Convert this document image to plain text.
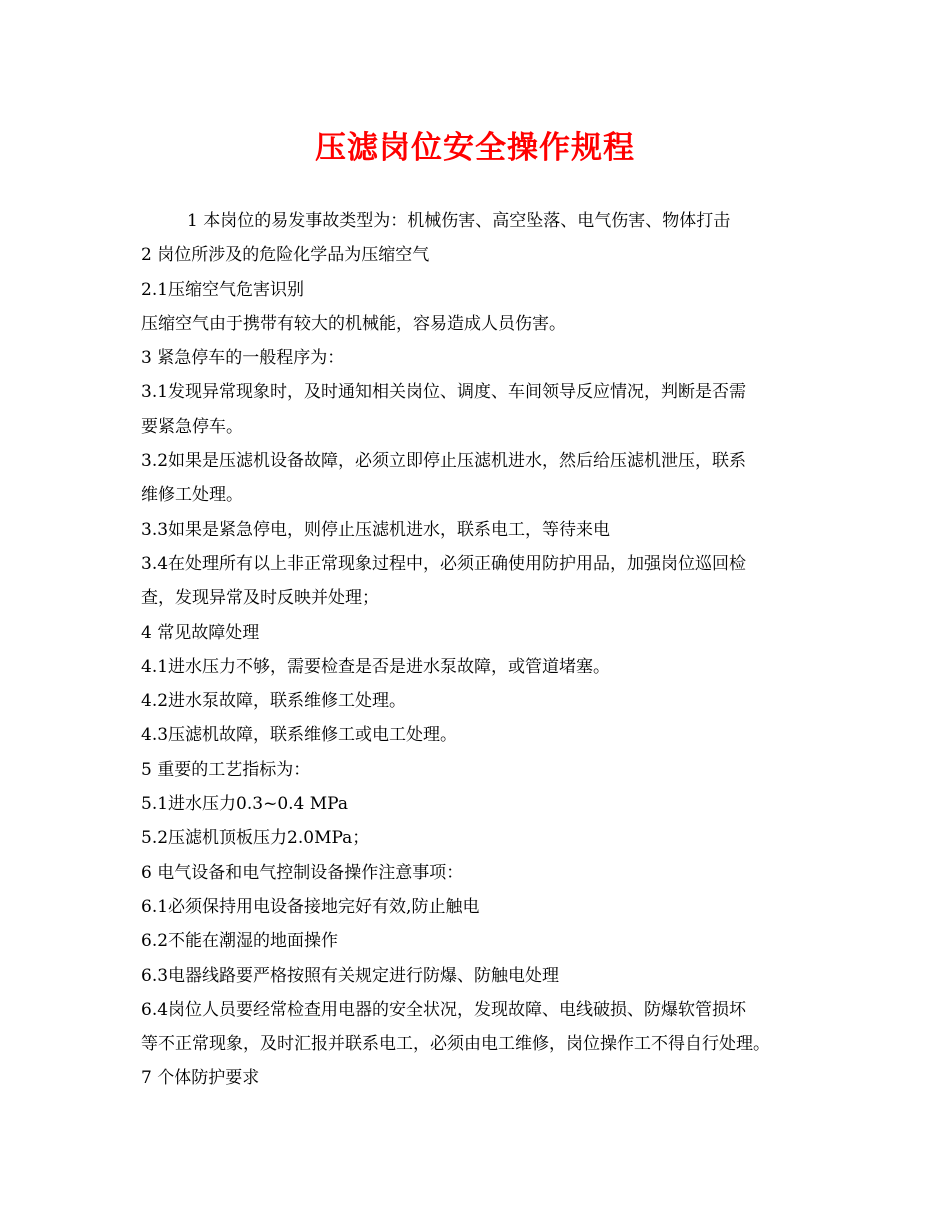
压滤岗位安全操作规程

1 本岗位的易发事故类型为：机械伤害、高空坠落、电气伤害、物体打击

2 岗位所涉及的危险化学品为压缩空气

2.1压缩空气危害识别

压缩空气由于携带有较大的机械能，容易造成人员伤害。

3 紧急停车的一般程序为：

3.1发现异常现象时，及时通知相关岗位、调度、车间领导反应情况，判断是否需

要紧急停车。

3.2如果是压滤机设备故障，必须立即停止压滤机进水，然后给压滤机泄压，联系

维修工处理。

3.3如果是紧急停电，则停止压滤机进水，联系电工，等待来电

3.4在处理所有以上非正常现象过程中，必须正确使用防护用品，加强岗位巡回检

查，发现异常及时反映并处理；

4 常见故障处理

4.1进水压力不够，需要检查是否是进水泵故障，或管道堵塞。

4.2进水泵故障，联系维修工处理。

4.3压滤机故障，联系维修工或电工处理。

5 重要的工艺指标为：

5.1进水压力0.3~0.4 MPa

5.2压滤机顶板压力2.0MPa；

6 电气设备和电气控制设备操作注意事项：

6.1必须保持用电设备接地完好有效,防止触电

6.2不能在潮湿的地面操作

6.3电器线路要严格按照有关规定进行防爆、防触电处理

6.4岗位人员要经常检查用电器的安全状况，发现故障、电线破损、防爆软管损坏

等不正常现象，及时汇报并联系电工，必须由电工维修，岗位操作工不得自行处理。

7 个体防护要求
